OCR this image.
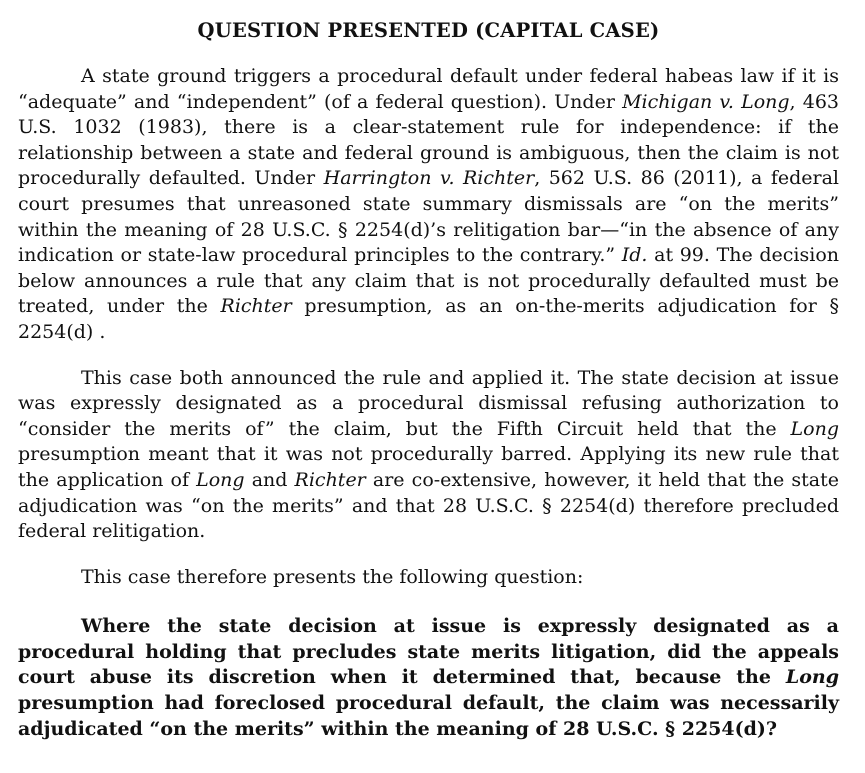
QUESTION PRESENTED (CAPITAL CASE)

A state ground triggers a procedural default under federal habeas law if it is “adequate” and “independent” (of a federal question). Under Michigan v. Long, 463 U.S. 1032 (1983), there is a clear-statement rule for independence: if the relationship between a state and federal ground is ambiguous, then the claim is not procedurally defaulted. Under Harrington v. Richter, 562 U.S. 86 (2011), a federal court presumes that unreasoned state summary dismissals are “on the merits” within the meaning of 28 U.S.C. § 2254(d)’s relitigation bar—“in the absence of any indication or state-law procedural principles to the contrary.” Id. at 99. The decision below announces a rule that any claim that is not procedurally defaulted must be treated, under the Richter presumption, as an on-the-merits adjudication for § 2254(d) .

This case both announced the rule and applied it. The state decision at issue was expressly designated as a procedural dismissal refusing authorization to “consider the merits of” the claim, but the Fifth Circuit held that the Long presumption meant that it was not procedurally barred. Applying its new rule that the application of Long and Richter are co-extensive, however, it held that the state adjudication was “on the merits” and that 28 U.S.C. § 2254(d) therefore precluded federal relitigation.

This case therefore presents the following question:

Where the state decision at issue is expressly designated as a procedural holding that precludes state merits litigation, did the appeals court abuse its discretion when it determined that, because the Long presumption had foreclosed procedural default, the claim was necessarily adjudicated “on the merits” within the meaning of 28 U.S.C. § 2254(d)?
